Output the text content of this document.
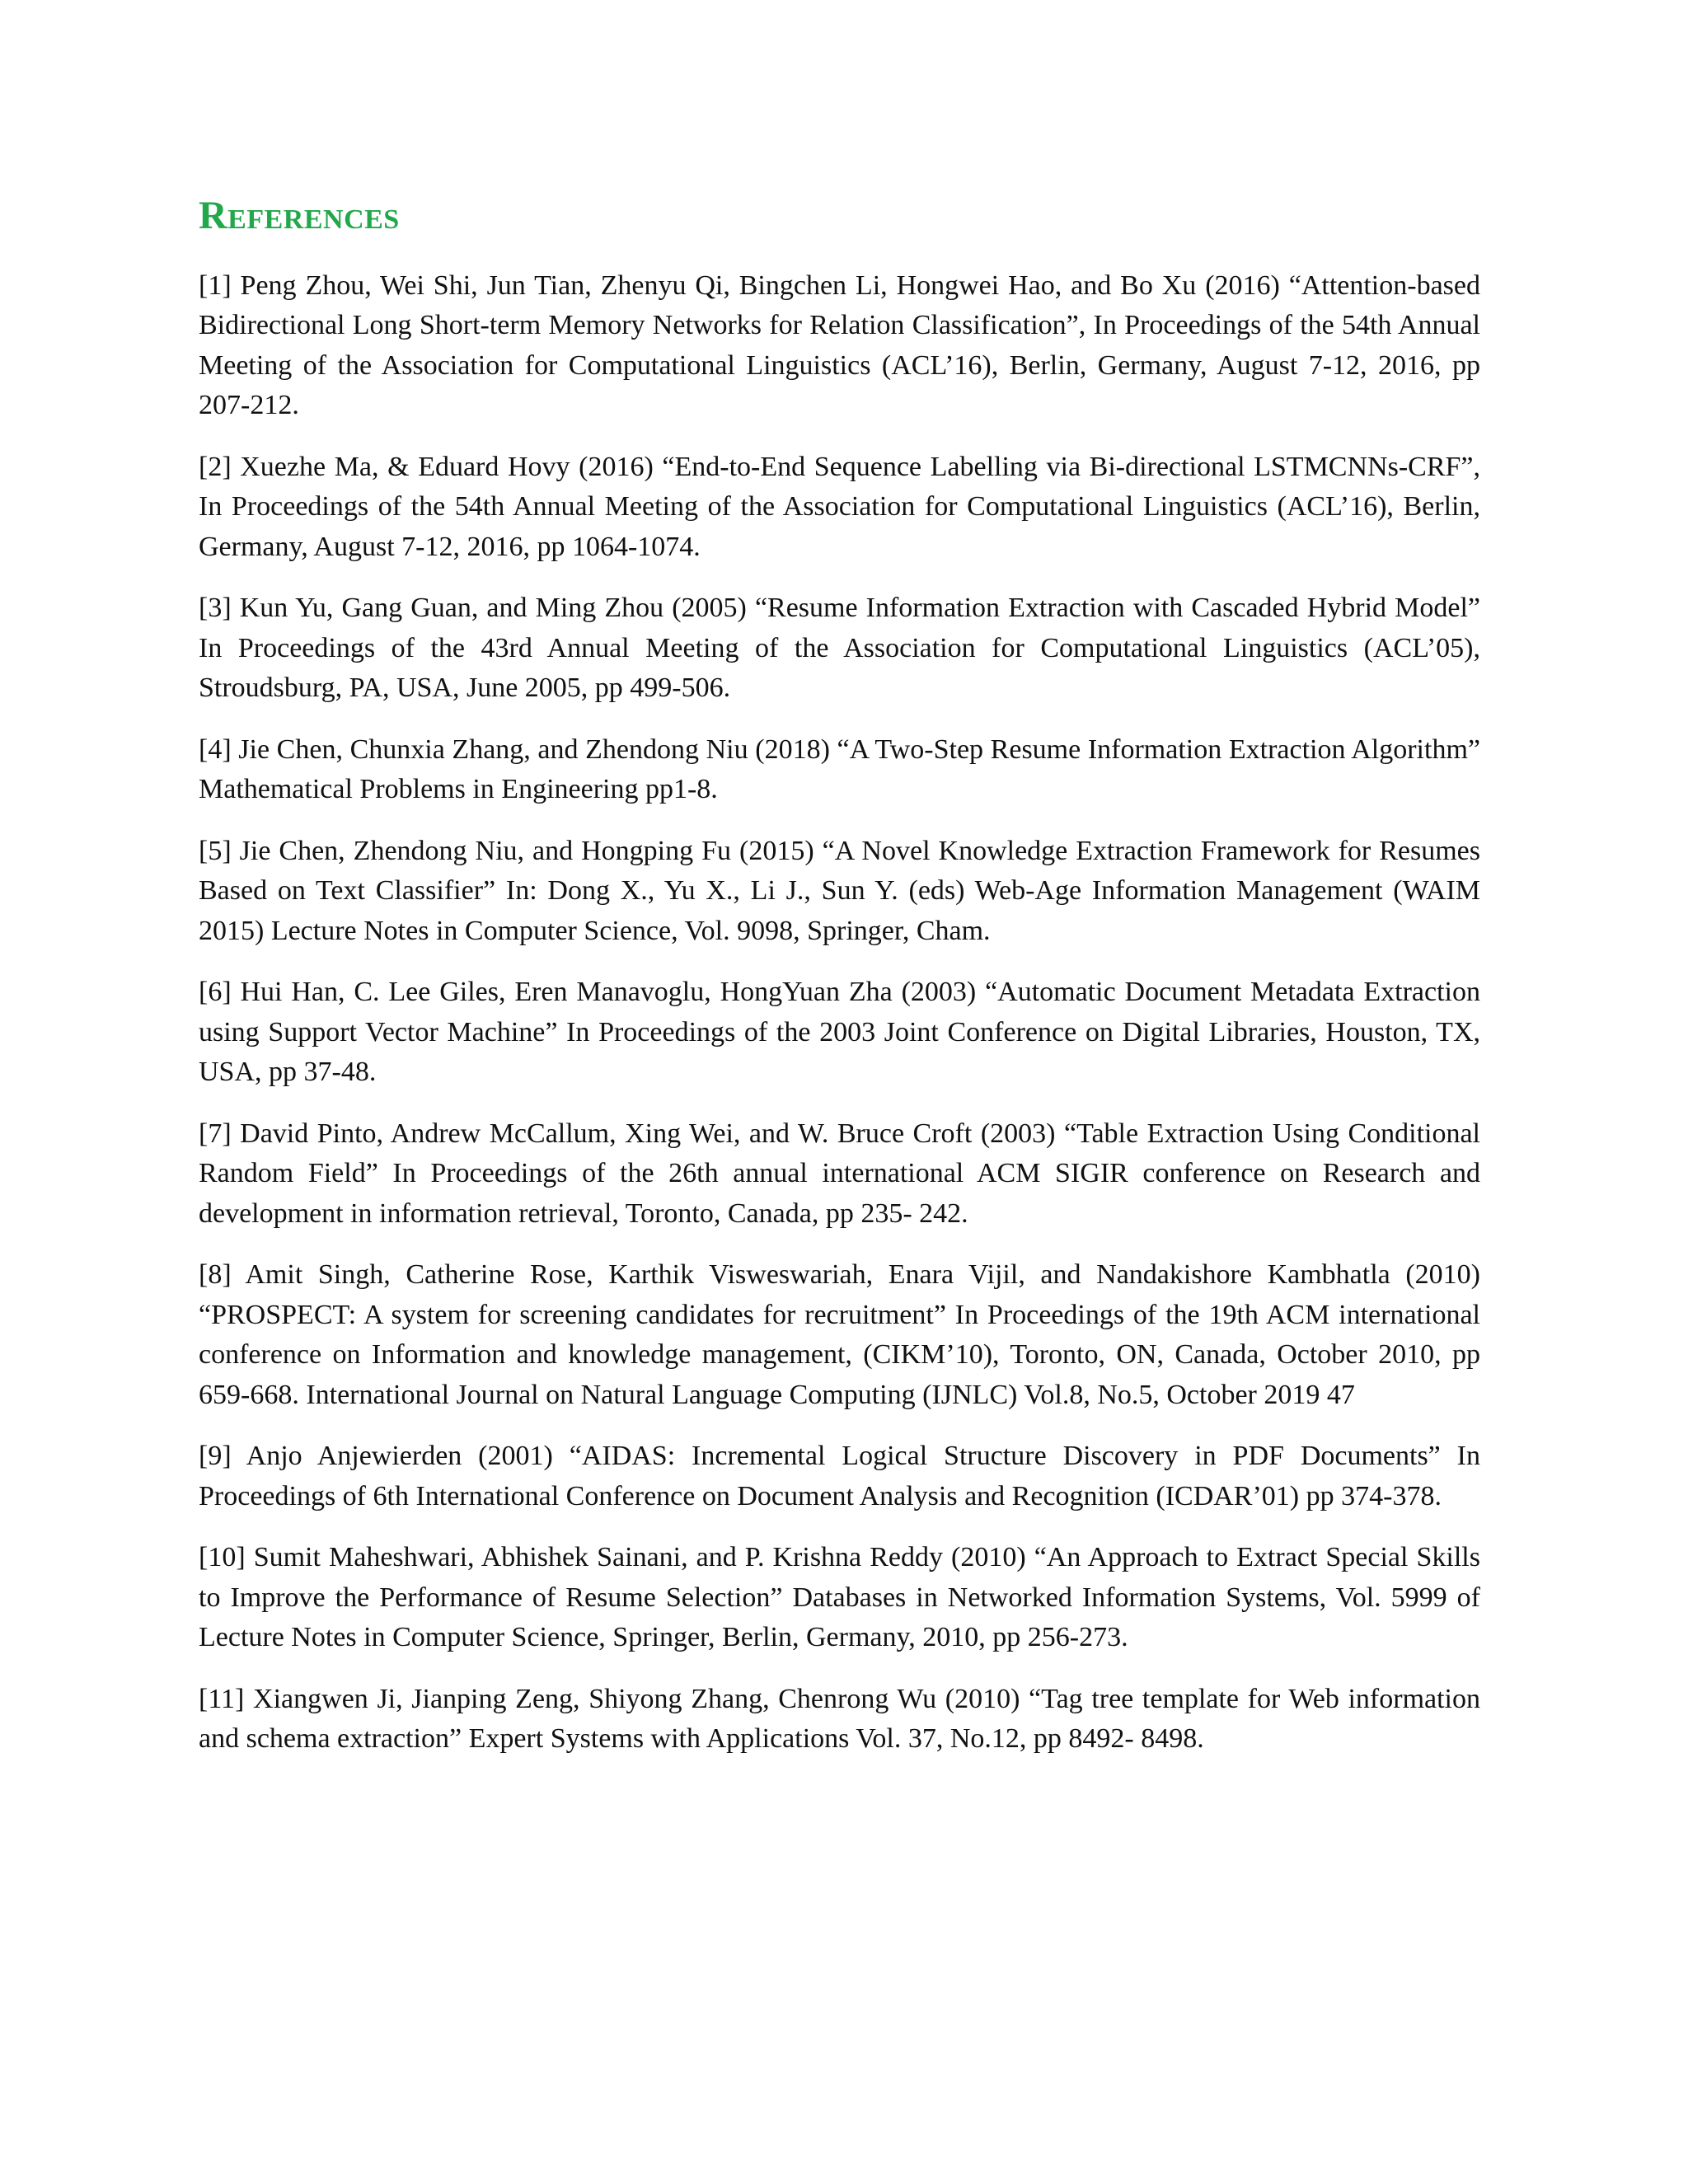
References
[1] Peng Zhou, Wei Shi, Jun Tian, Zhenyu Qi, Bingchen Li, Hongwei Hao, and Bo Xu (2016) “Attention-based Bidirectional Long Short-term Memory Networks for Relation Classification”, In Proceedings of the 54th Annual Meeting of the Association for Computational Linguistics (ACL’16), Berlin, Germany, August 7-12, 2016, pp 207-212.
[2] Xuezhe Ma, & Eduard Hovy (2016) “End-to-End Sequence Labelling via Bi-directional LSTMCNNs-CRF”, In Proceedings of the 54th Annual Meeting of the Association for Computational Linguistics (ACL’16), Berlin, Germany, August 7-12, 2016, pp 1064-1074.
[3] Kun Yu, Gang Guan, and Ming Zhou (2005) “Resume Information Extraction with Cascaded Hybrid Model” In Proceedings of the 43rd Annual Meeting of the Association for Computational Linguistics (ACL’05), Stroudsburg, PA, USA, June 2005, pp 499-506.
[4] Jie Chen, Chunxia Zhang, and Zhendong Niu (2018) “A Two-Step Resume Information Extraction Algorithm” Mathematical Problems in Engineering pp1-8.
[5] Jie Chen, Zhendong Niu, and Hongping Fu (2015) “A Novel Knowledge Extraction Framework for Resumes Based on Text Classifier” In: Dong X., Yu X., Li J., Sun Y. (eds) Web-Age Information Management (WAIM 2015) Lecture Notes in Computer Science, Vol. 9098, Springer, Cham.
[6] Hui Han, C. Lee Giles, Eren Manavoglu, HongYuan Zha (2003) “Automatic Document Metadata Extraction using Support Vector Machine” In Proceedings of the 2003 Joint Conference on Digital Libraries, Houston, TX, USA, pp 37-48.
[7] David Pinto, Andrew McCallum, Xing Wei, and W. Bruce Croft (2003) “Table Extraction Using Conditional Random Field” In Proceedings of the 26th annual international ACM SIGIR conference on Research and development in information retrieval, Toronto, Canada, pp 235- 242.
[8] Amit Singh, Catherine Rose, Karthik Visweswariah, Enara Vijil, and Nandakishore Kambhatla (2010) “PROSPECT: A system for screening candidates for recruitment” In Proceedings of the 19th ACM international conference on Information and knowledge management, (CIKM’10), Toronto, ON, Canada, October 2010, pp 659-668. International Journal on Natural Language Computing (IJNLC) Vol.8, No.5, October 2019 47
[9] Anjo Anjewierden (2001) “AIDAS: Incremental Logical Structure Discovery in PDF Documents” In Proceedings of 6th International Conference on Document Analysis and Recognition (ICDAR’01) pp 374-378.
[10] Sumit Maheshwari, Abhishek Sainani, and P. Krishna Reddy (2010) “An Approach to Extract Special Skills to Improve the Performance of Resume Selection” Databases in Networked Information Systems, Vol. 5999 of Lecture Notes in Computer Science, Springer, Berlin, Germany, 2010, pp 256-273.
[11] Xiangwen Ji, Jianping Zeng, Shiyong Zhang, Chenrong Wu (2010) “Tag tree template for Web information and schema extraction” Expert Systems with Applications Vol. 37, No.12, pp 8492- 8498.
